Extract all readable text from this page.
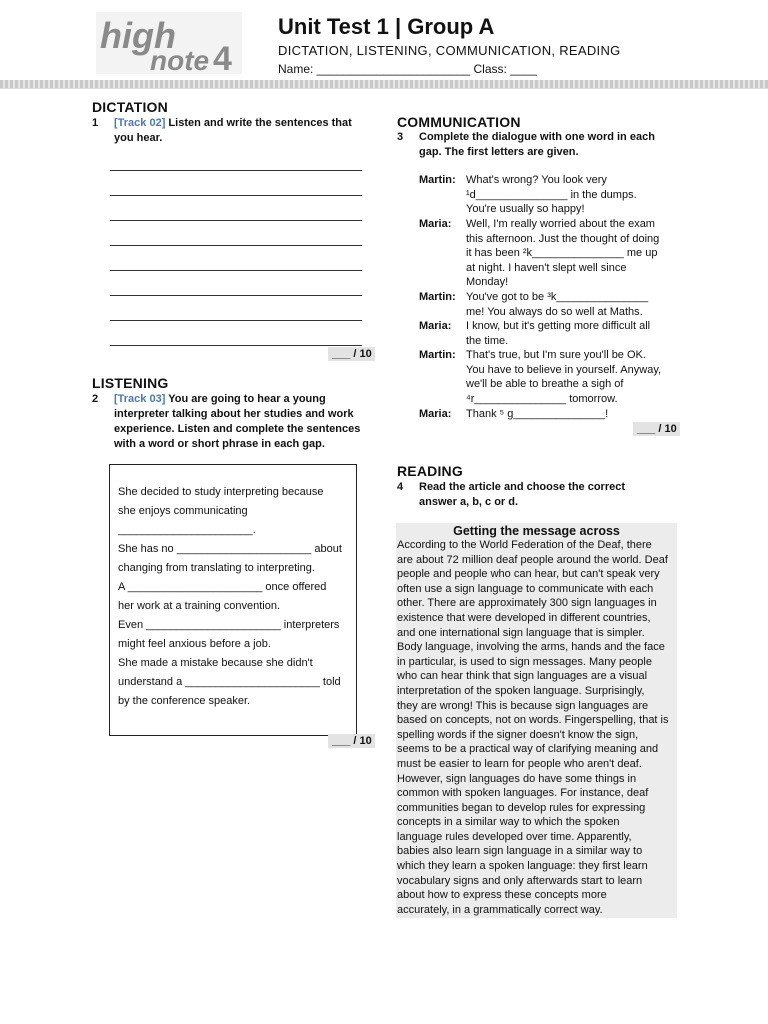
high
note 4
Unit Test 1 | Group A
DICTATION, LISTENING, COMMUNICATION, READING
Name: _______________________ Class: ____
DICTATION
1 [Track 02] Listen and write the sentences that
you hear.
___ / 10
LISTENING
2 [Track 03] You are going to hear a young
interpreter talking about her studies and work
experience. Listen and complete the sentences
with a word or short phrase in each gap.

She decided to study interpreting because

she enjoys communicating

______________________.

She has no ______________________ about

changing from translating to interpreting.

A ______________________ once offered

her work at a training convention.

Even ______________________ interpreters

might feel anxious before a job.

She made a mistake because she didn't

understand a ______________________ told

by the conference speaker.

___ / 10
COMMUNICATION
3 Complete the dialogue with one word in each
gap. The first letters are given.
Martin: What's wrong? You look very
¹d_______________ in the dumps.
You're usually so happy!
Maria: Well, I'm really worried about the exam
this afternoon. Just the thought of doing
it has been ²k_______________ me up
at night. I haven't slept well since
Monday!
Martin: You've got to be ³k_______________
me! You always do so well at Maths.
Maria: I know, but it's getting more difficult all
the time.
Martin: That's true, but I'm sure you'll be OK.
You have to believe in yourself. Anyway,
we'll be able to breathe a sigh of
⁴r_______________ tomorrow.
Maria: Thank ⁵ g_______________!
___ / 10
READING
4 Read the article and choose the correct
answer a, b, c or d.
Getting the message across
According to the World Federation of the Deaf, there
are about 72 million deaf people around the world. Deaf
people and people who can hear, but can't speak very
often use a sign language to communicate with each
other. There are approximately 300 sign languages in
existence that were developed in different countries,
and one international sign language that is simpler.
Body language, involving the arms, hands and the face
in particular, is used to sign messages. Many people
who can hear think that sign languages are a visual
interpretation of the spoken language. Surprisingly,
they are wrong! This is because sign languages are
based on concepts, not on words. Fingerspelling, that is
spelling words if the signer doesn't know the sign,
seems to be a practical way of clarifying meaning and
must be easier to learn for people who aren't deaf.
However, sign languages do have some things in
common with spoken languages. For instance, deaf
communities began to develop rules for expressing
concepts in a similar way to which the spoken
language rules developed over time. Apparently,
babies also learn sign language in a similar way to
which they learn a spoken language: they first learn
vocabulary signs and only afterwards start to learn
about how to express these concepts more
accurately, in a grammatically correct way.
